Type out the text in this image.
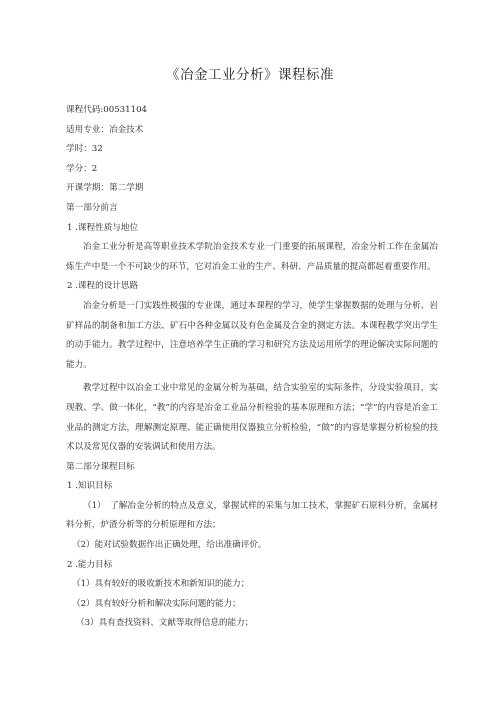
《冶金工业分析》课程标准

课程代码:00531104

适用专业：冶金技术

学时：32

学分：2

开课学期：第二学期

第一部分前言

1 .课程性质与地位

冶金工业分析是高等职业技术学院冶金技术专业一门重要的拓展课程，冶金分析工作在金属冶炼生产中是一个不可缺少的环节，它对冶金工业的生产、科研、产品质量的提高都起着重要作用。

2 .课程的设计思路

冶金分析是一门实践性极强的专业课，通过本课程的学习，使学生掌握数据的处理与分析、岩矿样品的制备和加工方法、矿石中各种金属以及有色金属及合金的测定方法。本课程教学突出学生的动手能力。教学过程中，注意培养学生正确的学习和研究方法及运用所学的理论解决实际问题的能力。

教学过程中以冶金工业中常见的金属分析为基础，结合实验室的实际条件，分设实验项目，实现教、学、做一体化，“教”的内容是冶金工业品分析检验的基本原理和方法；“学”的内容是冶金工业品的测定方法，理解测定原理、能正确使用仪器独立分析检验，“做”的内容是掌握分析检验的技术以及常见仪器的安装调试和使用方法。

第二部分课程目标

1 .知识目标

（1）　了解冶金分析的特点及意义，掌握试样的采集与加工技术，掌握矿石原料分析，金属材料分析，炉渣分析等的分析原理和方法；

（2）能对试验数据作出正确处理，给出准确评价。

2 .能力目标

（1）具有较好的吸收新技术和新知识的能力；

（2）具有较好分析和解决实际问题的能力；

（3）具有查找资料、文献等取得信息的能力；
